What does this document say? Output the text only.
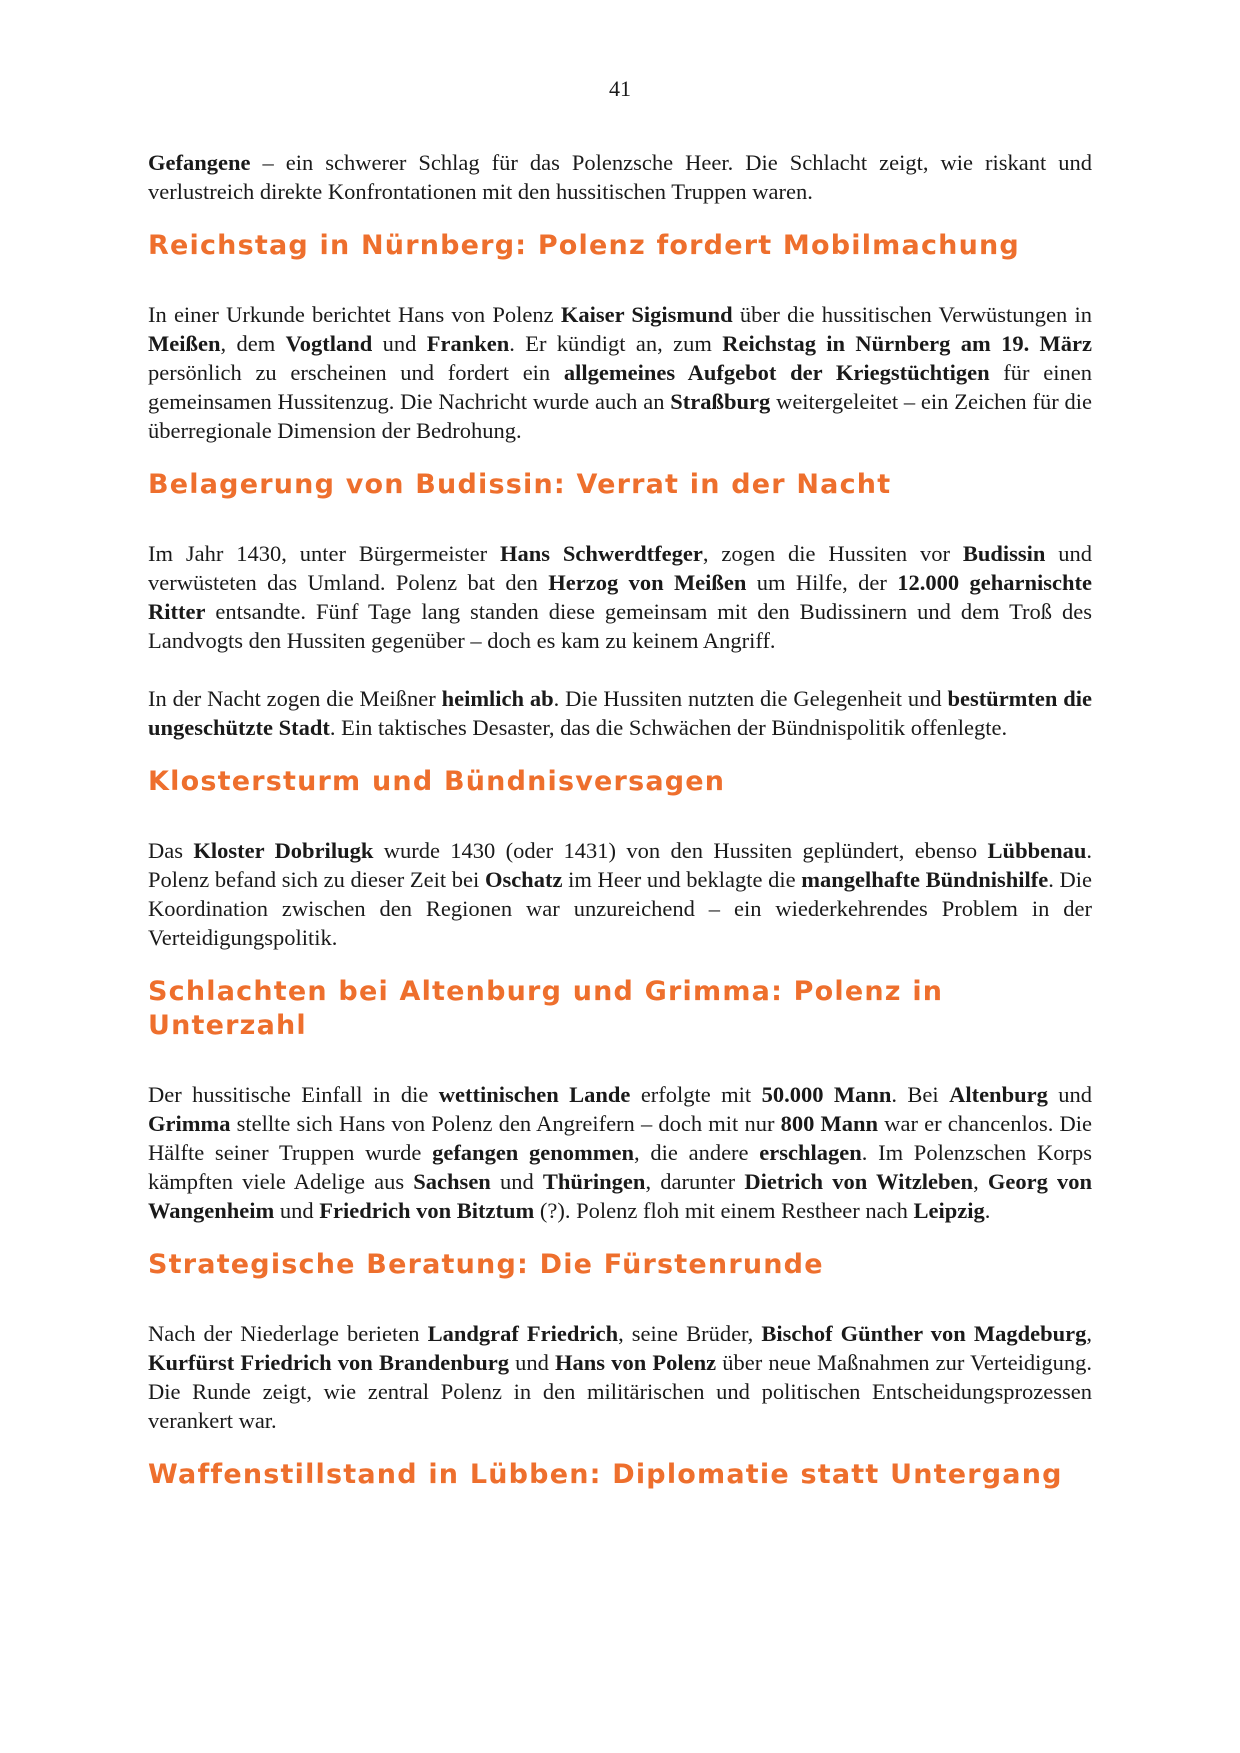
41

Gefangene – ein schwerer Schlag für das Polenzsche Heer. Die Schlacht zeigt, wie riskant und verlustreich direkte Konfrontationen mit den hussitischen Truppen waren.

Reichstag in Nürnberg: Polenz fordert Mobilmachung

In einer Urkunde berichtet Hans von Polenz Kaiser Sigismund über die hussitischen Verwüstungen in Meißen, dem Vogtland und Franken. Er kündigt an, zum Reichstag in Nürnberg am 19. März persönlich zu erscheinen und fordert ein allgemeines Aufgebot der Kriegstüchtigen für einen gemeinsamen Hussitenzug. Die Nachricht wurde auch an Straßburg weitergeleitet – ein Zeichen für die überregionale Dimension der Bedrohung.

Belagerung von Budissin: Verrat in der Nacht

Im Jahr 1430, unter Bürgermeister Hans Schwerdtfeger, zogen die Hussiten vor Budissin und verwüsteten das Umland. Polenz bat den Herzog von Meißen um Hilfe, der 12.000 geharnischte Ritter entsandte. Fünf Tage lang standen diese gemeinsam mit den Budissinern und dem Troß des Landvogts den Hussiten gegenüber – doch es kam zu keinem Angriff.

In der Nacht zogen die Meißner heimlich ab. Die Hussiten nutzten die Gelegenheit und bestürmten die ungeschützte Stadt. Ein taktisches Desaster, das die Schwächen der Bündnispolitik offenlegte.

Klostersturm und Bündnisversagen

Das Kloster Dobrilugk wurde 1430 (oder 1431) von den Hussiten geplündert, ebenso Lübbenau. Polenz befand sich zu dieser Zeit bei Oschatz im Heer und beklagte die mangelhafte Bündnishilfe. Die Koordination zwischen den Regionen war unzureichend – ein wiederkehrendes Problem in der Verteidigungspolitik.

Schlachten bei Altenburg und Grimma: Polenz in Unterzahl

Der hussitische Einfall in die wettinischen Lande erfolgte mit 50.000 Mann. Bei Altenburg und Grimma stellte sich Hans von Polenz den Angreifern – doch mit nur 800 Mann war er chancenlos. Die Hälfte seiner Truppen wurde gefangen genommen, die andere erschlagen. Im Polenzschen Korps kämpften viele Adelige aus Sachsen und Thüringen, darunter Dietrich von Witzleben, Georg von Wangenheim und Friedrich von Bitztum (?). Polenz floh mit einem Restheer nach Leipzig.

Strategische Beratung: Die Fürstenrunde

Nach der Niederlage berieten Landgraf Friedrich, seine Brüder, Bischof Günther von Magdeburg, Kurfürst Friedrich von Brandenburg und Hans von Polenz über neue Maßnahmen zur Verteidigung. Die Runde zeigt, wie zentral Polenz in den militärischen und politischen Entscheidungsprozessen verankert war.

Waffenstillstand in Lübben: Diplomatie statt Untergang
